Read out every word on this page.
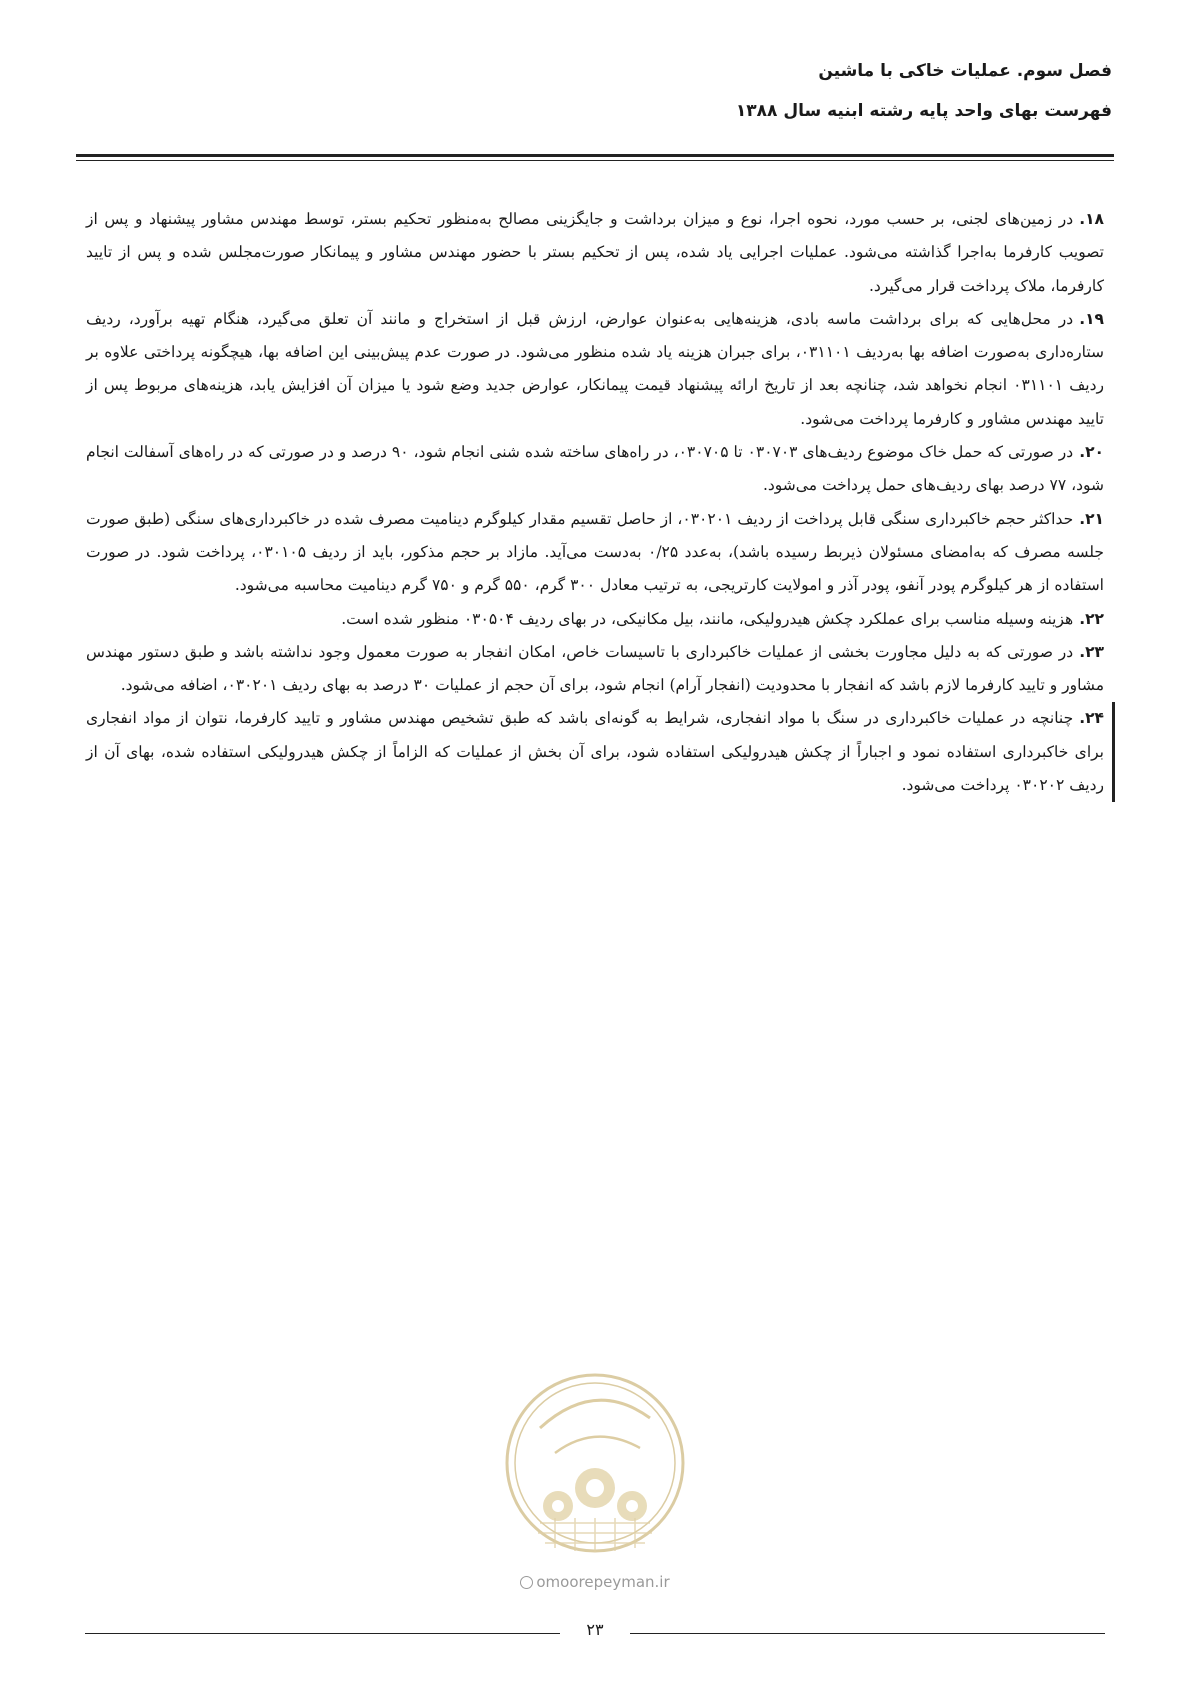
فصل سوم. عملیات خاکی با ماشین
فهرست بهای واحد پایه رشته ابنیه سال ۱۳۸۸

۱۸.در زمین‌های لجنی، بر حسب مورد، نحوه اجرا، نوع و میزان برداشت و جایگزینی مصالح به‌منظور تحکیم بستر، توسط مهندس مشاور پیشنهاد و پس از تصویب کارفرما به‌اجرا گذاشته می‌شود. عملیات اجرایی یاد شده، پس از تحکیم بستر با حضور مهندس مشاور و پیمانکار صورت‌مجلس شده و پس از تایید کارفرما، ملاک پرداخت قرار می‌گیرد.

۱۹.در محل‌هایی که برای برداشت ماسه بادی، هزینه‌هایی به‌عنوان عوارض، ارزش قبل از استخراج و مانند آن تعلق می‌گیرد، هنگام تهیه برآورد، ردیف ستاره‌داری به‌صورت اضافه بها به‌ردیف ۰۳۱۱۰۱، برای جبران هزینه یاد شده منظور می‌شود. در صورت عدم پیش‌بینی این اضافه بها، هیچگونه پرداختی علاوه بر ردیف ۰۳۱۱۰۱ انجام نخواهد شد، چنانچه بعد از تاریخ ارائه پیشنهاد قیمت پیمانکار، عوارض جدید وضع شود یا میزان آن افزایش یابد، هزینه‌های مربوط پس از تایید مهندس مشاور و کارفرما پرداخت می‌شود.

۲۰.در صورتی که حمل خاک موضوع ردیف‌های ۰۳۰۷۰۳ تا ۰۳۰۷۰۵، در راه‌های ساخته شده شنی انجام شود، ۹۰ درصد و در صورتی که در راه‌های آسفالت انجام شود، ۷۷ درصد بهای ردیف‌های حمل پرداخت می‌شود.

۲۱.حداکثر حجم خاکبرداری سنگی قابل پرداخت از ردیف ۰۳۰۲۰۱، از حاصل تقسیم مقدار کیلوگرم دینامیت مصرف شده در خاکبرداری‌های سنگی (طبق صورت جلسه مصرف که به‌امضای مسئولان ذیربط رسیده باشد)، به‌عدد ۰/۲۵ به‌دست می‌آید. مازاد بر حجم مذکور، باید از ردیف ۰۳۰۱۰۵، پرداخت شود. در صورت استفاده از هر کیلوگرم پودر آنفو، پودر آذر و امولایت کارتریجی، به ترتیب معادل ۳۰۰ گرم، ۵۵۰ گرم و ۷۵۰ گرم دینامیت محاسبه می‌شود.

۲۲.هزینه وسیله مناسب برای عملکرد چکش هیدرولیکی، مانند، بیل مکانیکی، در بهای ردیف ۰۳۰۵۰۴ منظور شده است.

۲۳.در صورتی که به دلیل مجاورت بخشی از عملیات خاکبرداری با تاسیسات خاص، امکان انفجار به صورت معمول وجود نداشته باشد و طبق دستور مهندس مشاور و تایید کارفرما لازم باشد که انفجار با محدودیت (انفجار آرام) انجام شود، برای آن حجم از عملیات ۳۰ درصد به بهای ردیف ۰۳۰۲۰۱، اضافه می‌شود.

۲۴.چنانچه در عملیات خاکبرداری در سنگ با مواد انفجاری، شرایط به گونه‌ای باشد که طبق تشخیص مهندس مشاور و تایید کارفرما، نتوان از مواد انفجاری برای خاکبرداری استفاده نمود و اجباراً از چکش هیدرولیکی استفاده شود، برای آن بخش از عملیات که الزاماً از چکش هیدرولیکی استفاده شده، بهای آن از ردیف ۰۳۰۲۰۲ پرداخت می‌شود.

omoorepeyman.ir
۲۳
